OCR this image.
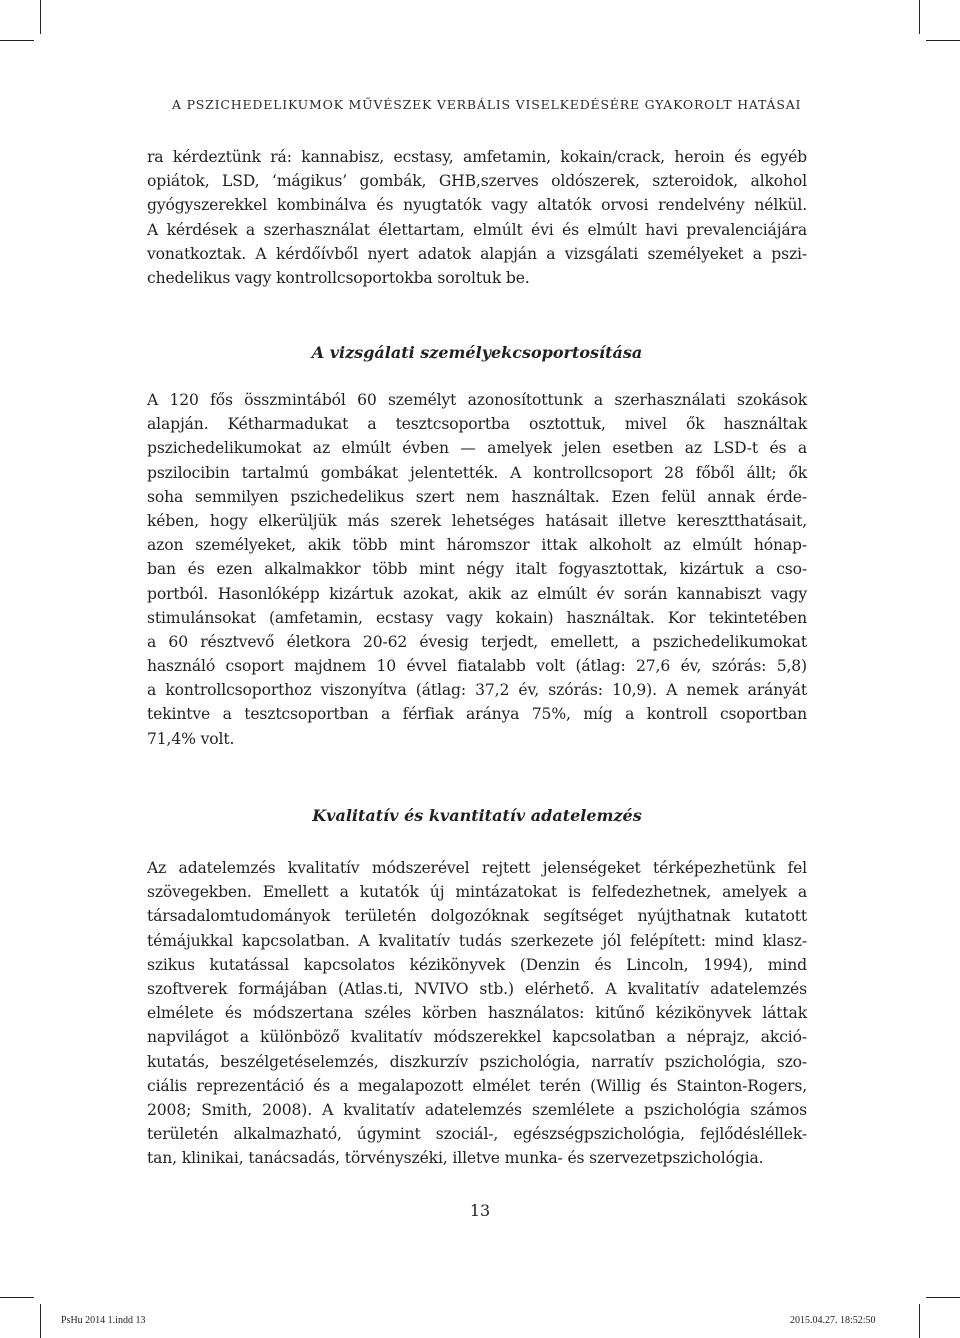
A PSZICHEDELIKUMOK MŰVÉSZEK VERBÁLIS VISELKEDÉSÉRE GYAKOROLT HATÁSAI
ra kérdeztünk rá: kannabisz, ecstasy, amfetamin, kokain/crack, heroin és egyéb
opiátok, LSD, ‘mágikus’ gombák, GHB,szerves oldószerek, szteroidok, alkohol
gyógyszerekkel kombinálva és nyugtatók vagy altatók orvosi rendelvény nélkül.
A kérdések a szerhasználat élettartam, elmúlt évi és elmúlt havi prevalenciájára
vonatkoztak. A kérdőívből nyert adatok alapján a vizsgálati személyeket a pszi-
chedelikus vagy kontrollcsoportokba soroltuk be.
A vizsgálati személyekcsoportosítása
A 120 fős összmintából 60 személyt azonosítottunk a szerhasználati szokások
alapján. Kétharmadukat a tesztcsoportba osztottuk, mivel ők használtak
pszichedelikumokat az elmúlt évben — amelyek jelen esetben az LSD-t és a
pszilocibin tartalmú gombákat jelentették. A kontrollcsoport 28 főből állt; ők
soha semmilyen pszichedelikus szert nem használtak. Ezen felül annak érde-
kében, hogy elkerüljük más szerek lehetséges hatásait illetve keresztthatásait,
azon személyeket, akik több mint háromszor ittak alkoholt az elmúlt hónap-
ban és ezen alkalmakkor több mint négy italt fogyasztottak, kizártuk a cso-
portból. Hasonlóképp kizártuk azokat, akik az elmúlt év során kannabiszt vagy
stimulánsokat (amfetamin, ecstasy vagy kokain) használtak. Kor tekintetében
a 60 résztvevő életkora 20-62 évesig terjedt, emellett, a pszichedelikumokat
használó csoport majdnem 10 évvel fiatalabb volt (átlag: 27,6 év, szórás: 5,8)
a kontrollcsoporthoz viszonyítva (átlag: 37,2 év, szórás: 10,9). A nemek arányát
tekintve a tesztcsoportban a férfiak aránya 75%, míg a kontroll csoportban
71,4% volt.
Kvalitatív és kvantitatív adatelemzés
Az adatelemzés kvalitatív módszerével rejtett jelenségeket térképezhetünk fel
szövegekben. Emellett a kutatók új mintázatokat is felfedezhetnek, amelyek a
társadalomtudományok területén dolgozóknak segítséget nyújthatnak kutatott
témájukkal kapcsolatban. A kvalitatív tudás szerkezete jól felépített: mind klasz-
szikus kutatással kapcsolatos kézikönyvek (Denzin és Lincoln, 1994), mind
szoftverek formájában (Atlas.ti, NVIVO stb.) elérhető. A kvalitatív adatelemzés
elmélete és módszertana széles körben használatos: kitűnő kézikönyvek láttak
napvilágot a különböző kvalitatív módszerekkel kapcsolatban a néprajz, akció-
kutatás, beszélgetéselemzés, diszkurzív pszichológia, narratív pszichológia, szo-
ciális reprezentáció és a megalapozott elmélet terén (Willig és Stainton-Rogers,
2008; Smith, 2008). A kvalitatív adatelemzés szemlélete a pszichológia számos
területén alkalmazható, úgymint szociál-, egészségpszichológia, fejlődésléllek-
tan, klinikai, tanácsadás, törvényszéki, illetve munka- és szervezetpszichológia.
13
PsHu 2014 1.indd 13	2015.04.27. 18:52:50
